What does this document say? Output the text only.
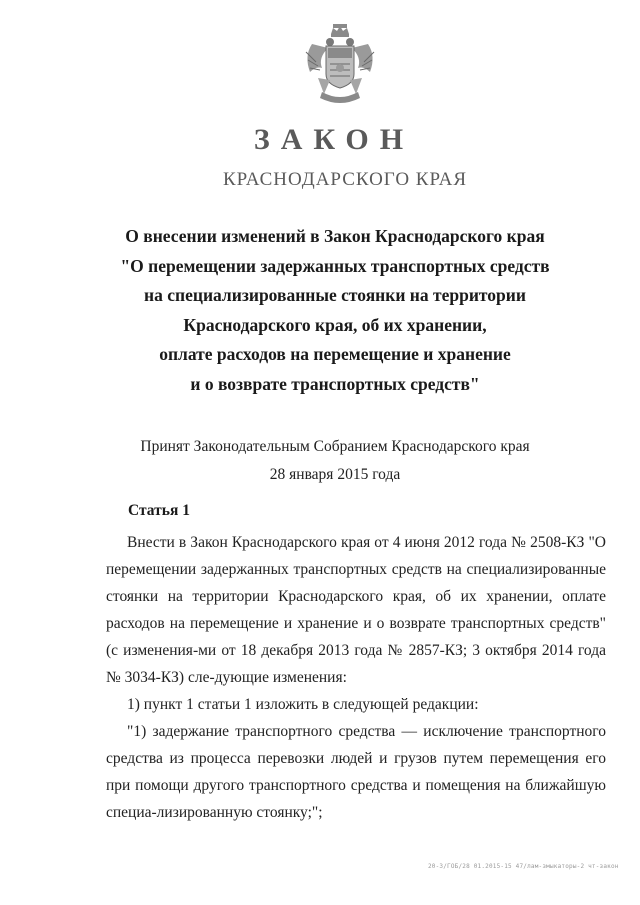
ЗАКОН
КРАСНОДАРСКОГО КРАЯ
О внесении изменений в Закон Краснодарского края
"О перемещении задержанных транспортных средств
на специализированные стоянки на территории
Краснодарского края, об их хранении,
оплате расходов на перемещение и хранение
и о возврате транспортных средств"
Принят Законодательным Собранием Краснодарского края
28 января 2015 года
Статья 1
Внести в Закон Краснодарского края от 4 июня 2012 года № 2508-КЗ "О перемещении задержанных транспортных средств на специализированные стоянки на территории Краснодарского края, об их хранении, оплате расходов на перемещение и хранение и о возврате транспортных средств" (с изменения-ми от 18 декабря 2013 года № 2857-КЗ; 3 октября 2014 года № 3034-КЗ) сле-дующие изменения:
1) пункт 1 статьи 1 изложить в следующей редакции:
"1) задержание транспортного средства — исключение транспортного средства из процесса перевозки людей и грузов путем перемещения его при помощи другого транспортного средства и помещения на ближайшую специа-лизированную стоянку;";
20-3/ГОБ/28 01.2015-15 47/лам-змыкаторы-2 чт-закон
